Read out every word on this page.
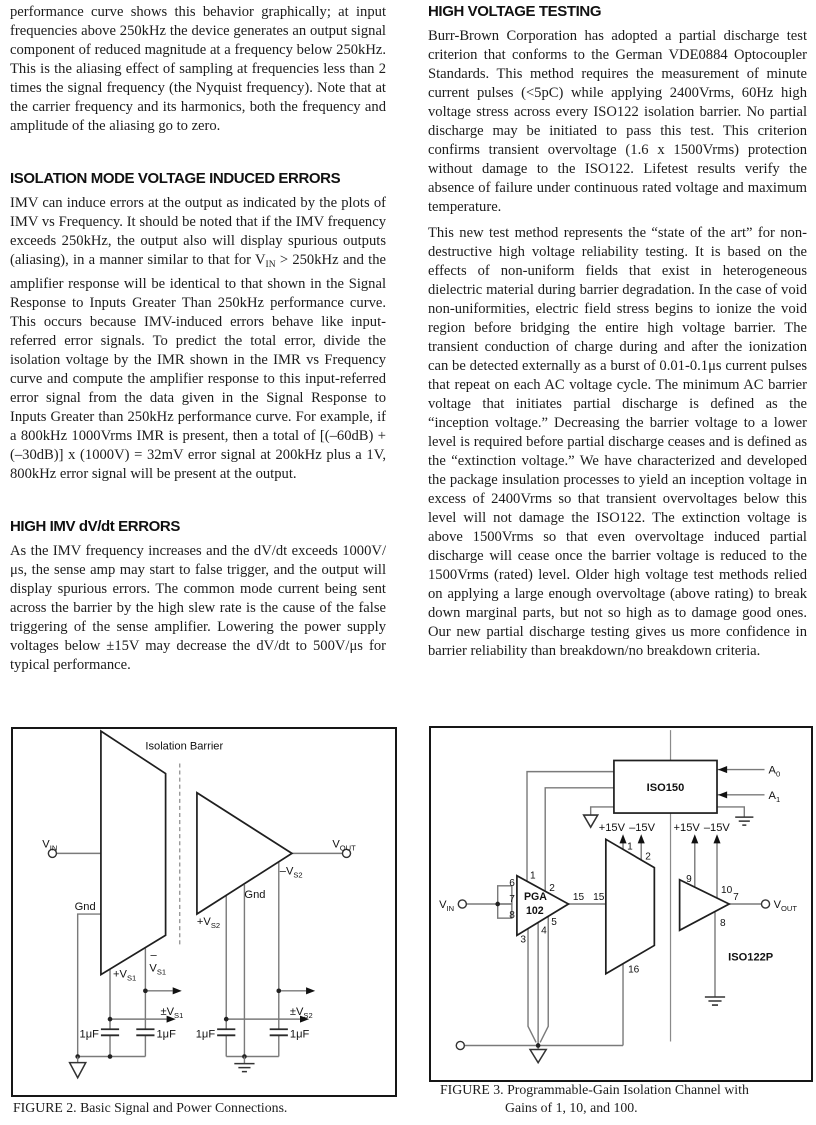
performance curve shows this behavior graphically; at input frequencies above 250kHz the device generates an output signal component of reduced magnitude at a frequency below 250kHz. This is the aliasing effect of sampling at frequencies less than 2 times the signal frequency (the Nyquist frequency). Note that at the carrier frequency and its harmonics, both the frequency and amplitude of the aliasing go to zero.

ISOLATION MODE VOLTAGE INDUCED ERRORS

IMV can induce errors at the output as indicated by the plots of IMV vs Frequency. It should be noted that if the IMV frequency exceeds 250kHz, the output also will display spurious outputs (aliasing), in a manner similar to that for $V_{IN} > 250kHz$ and the amplifier response will be identical to that shown in the Signal Response to Inputs Greater Than 250kHz performance curve. This occurs because IMV-induced errors behave like input-referred error signals. To predict the total error, divide the isolation voltage by the IMR shown in the IMR vs Frequency curve and compute the amplifier response to this input-referred error signal from the data given in the Signal Response to Inputs Greater than 250kHz performance curve. For example, if a 800kHz 1000Vrms IMR is present, then a total of [(–60dB) + (–30dB)] x (1000V) = 32mV error signal at 200kHz plus a 1V, 800kHz error signal will be present at the output.

HIGH IMV dV/dt ERRORS

As the IMV frequency increases and the dV/dt exceeds 1000V/μs, the sense amp may start to false trigger, and the output will display spurious errors. The common mode current being sent across the barrier by the high slew rate is the cause of the false triggering of the sense amplifier. Lowering the power supply voltages below ±15V may decrease the dV/dt to 500V/μs for typical performance.

HIGH VOLTAGE TESTING

Burr-Brown Corporation has adopted a partial discharge test criterion that conforms to the German VDE0884 Optocoupler Standards. This method requires the measurement of minute current pulses (<5pC) while applying 2400Vrms, 60Hz high voltage stress across every ISO122 isolation barrier. No partial discharge may be initiated to pass this test. This criterion confirms transient overvoltage (1.6 x 1500Vrms) protection without damage to the ISO122. Lifetest results verify the absence of failure under continuous rated voltage and maximum temperature.

This new test method represents the “state of the art” for non-destructive high voltage reliability testing. It is based on the effects of non-uniform fields that exist in heterogeneous dielectric material during barrier degradation. In the case of void non-uniformities, electric field stress begins to ionize the void region before bridging the entire high voltage barrier. The transient conduction of charge during and after the ionization can be detected externally as a burst of 0.01-0.1μs current pulses that repeat on each AC voltage cycle. The minimum AC barrier voltage that initiates partial discharge is defined as the “inception voltage.” Decreasing the barrier voltage to a lower level is required before partial discharge ceases and is defined as the “extinction voltage.” We have characterized and developed the package insulation processes to yield an inception voltage in excess of 2400Vrms so that transient overvoltages below this level will not damage the ISO122. The extinction voltage is above 1500Vrms so that even overvoltage induced partial discharge will cease once the barrier voltage is reduced to the 1500Vrms (rated) level. Older high voltage test methods relied on applying a large enough overvoltage (above rating) to break down marginal parts, but not so high as to damage good ones. Our new partial discharge testing gives us more confidence in barrier reliability than breakdown/no breakdown criteria.

Isolation Barrier
$V_{IN}$	$V_{OUT}$
$-V_{S2}$
Gnd
$+V_{S2}$
Gnd
$+V_{S1}$
–
$V_{S1}$
$\pm V_{S1}$	$\pm V_{S2}$
1μF	1μF 1μF	1μF
FIGURE 2. Basic Signal and Power Connections.
ISO150
$A_0$
$A_1$
+15V –15V +15V –15V
1
2
9
10
15 15
6
7
8
1
2
3
4
5
16
7
8
PGA
102
ISO122P
$V_{IN}$	$V_{OUT}$
FIGURE 3. Programmable-Gain Isolation Channel with
Gains of 1, 10, and 100.
